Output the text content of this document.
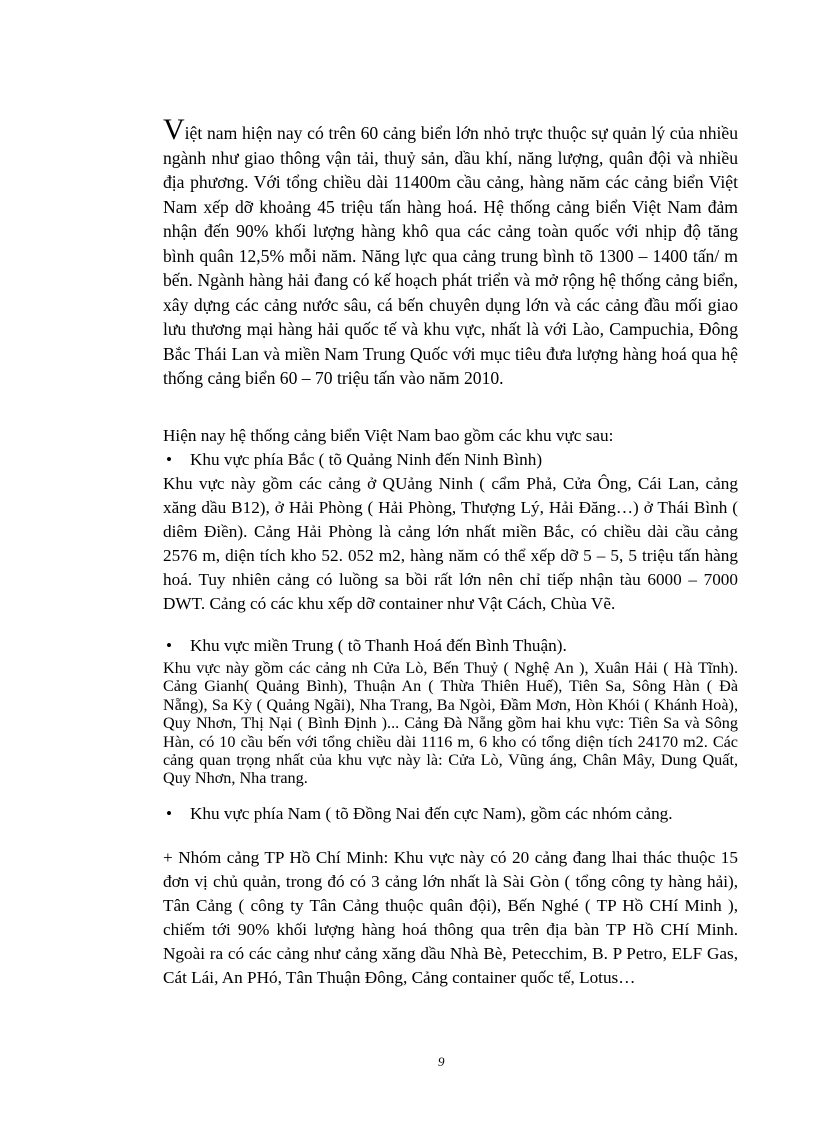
Việt nam hiện nay có trên 60 cảng biển lớn nhỏ trực thuộc sự quản lý của nhiều ngành như giao thông vận tải, thuỷ sản, dầu khí, năng lượng, quân đội và nhiều địa phương. Với tổng chiều dài 11400m cầu cảng, hàng năm các cảng biển Việt Nam xếp dỡ khoảng 45 triệu tấn hàng hoá. Hệ thống cảng biển Việt Nam đảm nhận đến 90% khối lượng hàng khô qua các cảng toàn quốc với nhịp độ tăng bình quân 12,5% mỗi năm. Năng lực qua cảng trung bình tõ 1300 – 1400 tấn/ m bến. Ngành hàng hải đang có kế hoạch phát triển và mở rộng hệ thống cảng biển, xây dựng các cảng nước sâu, cá bến chuyên dụng lớn và các cảng đầu mối giao lưu thương mại hàng hải quốc tế và khu vực, nhất là với Lào, Campuchia, Đông Bắc Thái Lan và miền Nam Trung Quốc với mục tiêu đưa lượng hàng hoá qua hệ thống cảng biển 60 – 70 triệu tấn vào năm 2010.

Hiện nay hệ thống cảng biển Việt Nam bao gồm các khu vực sau:

•	Khu vực phía Bắc ( tõ Quảng Ninh đến Ninh Bình)

Khu vực này gồm các cảng ở QUảng Ninh ( cẩm Phả, Cửa Ông, Cái Lan, cảng xăng dầu B12), ở Hải Phòng ( Hải Phòng, Thượng Lý, Hải Đăng…) ở Thái Bình ( diêm Điền). Cảng Hải Phòng là cảng lớn nhất miền Bắc, có chiều dài cầu cảng 2576 m, diện tích kho 52. 052 m2, hàng năm có thể xếp dỡ 5 – 5, 5 triệu tấn hàng hoá. Tuy nhiên cảng có luồng sa bồi rất lớn nên chỉ tiếp nhận tàu 6000 – 7000 DWT. Cảng có các khu xếp dỡ container như Vật Cách, Chùa Vẽ.

•	Khu vực miền Trung ( tõ Thanh Hoá đến Bình Thuận).

Khu vực này gồm các cảng nh Cửa Lò, Bến Thuỷ ( Nghệ An ), Xuân Hải ( Hà Tĩnh). Cảng Gianh( Quảng Bình), Thuận An ( Thừa Thiên Huế), Tiên Sa, Sông Hàn ( Đà Nẵng), Sa Kỳ ( Quảng Ngãi), Nha Trang, Ba Ngòi, Đầm Mơn, Hòn Khói ( Khánh Hoà), Quy Nhơn, Thị Nại ( Bình Định )... Cảng Đà Nẵng gồm hai khu vực: Tiên Sa và Sông Hàn, có 10 cầu bến với tổng chiều dài 1116 m, 6 kho có tổng diện tích 24170 m2. Các cảng quan trọng nhất của khu vực này là: Cửa Lò, Vũng áng, Chân Mây, Dung Quất, Quy Nhơn, Nha trang.

•	Khu vực phía Nam ( tõ Đồng Nai đến cực Nam), gồm các nhóm cảng.

+ Nhóm cảng TP Hồ Chí Minh: Khu vực này có 20 cảng đang lhai thác thuộc 15 đơn vị chủ quản, trong đó có 3 cảng lớn nhất là Sài Gòn ( tổng công ty hàng hải), Tân Cảng ( công ty Tân Cảng thuộc quân đội), Bến Nghé ( TP Hồ CHí Minh ), chiếm tới 90% khối lượng hàng hoá thông qua trên địa bàn TP Hồ CHí Minh. Ngoài ra có các cảng như cảng xăng dầu Nhà Bè, Petecchim, B. P Petro, ELF Gas, Cát Lái, An PHó, Tân Thuận Đông, Cảng container quốc tế, Lotus…

9
